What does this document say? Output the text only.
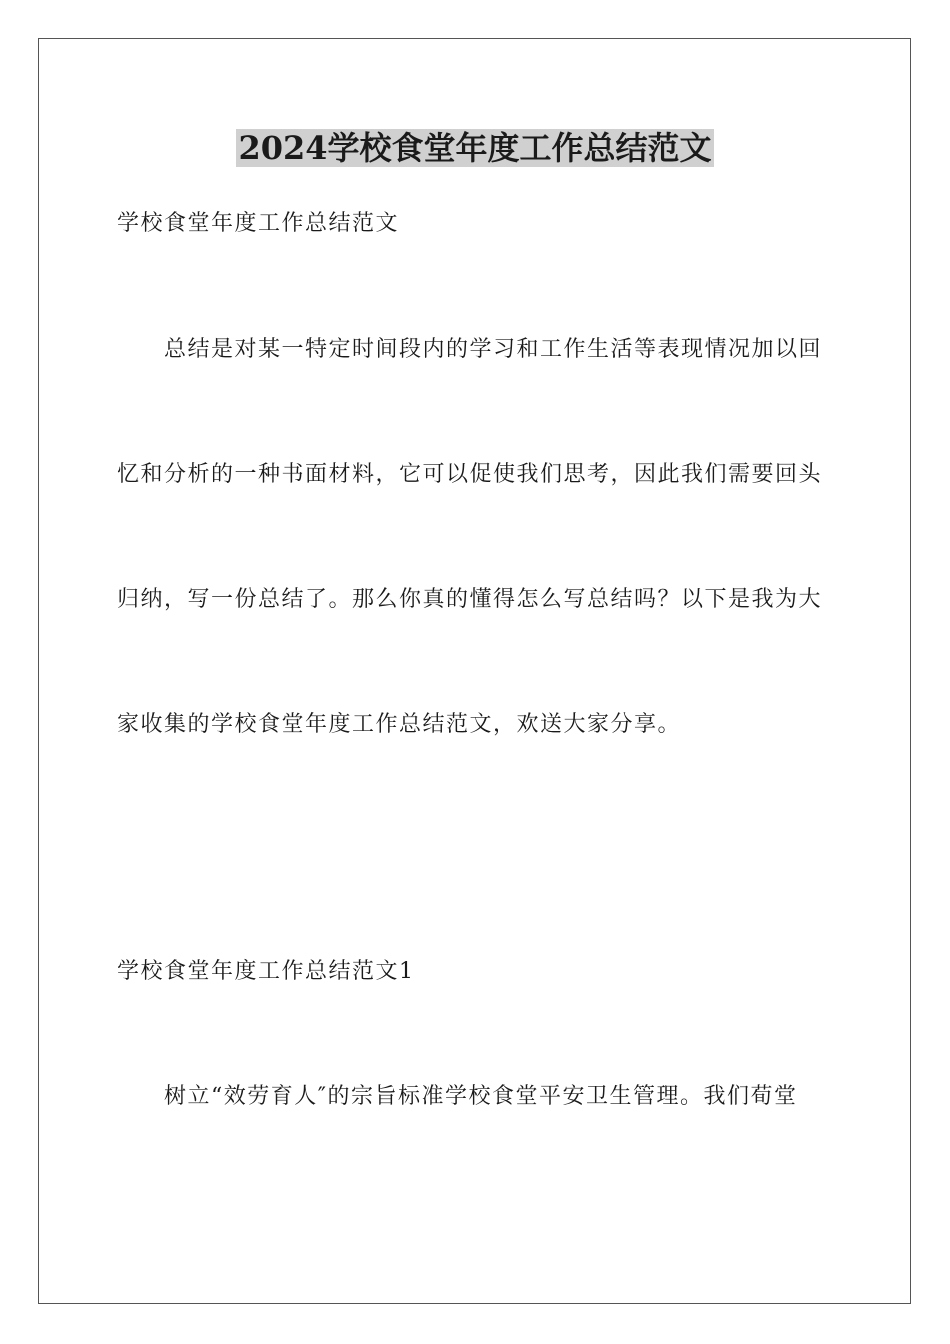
2024学校食堂年度工作总结范文
学校食堂年度工作总结范文
总结是对某一特定时间段内的学习和工作生活等表现情况加以回
忆和分析的一种书面材料，它可以促使我们思考，因此我们需要回头
归纳，写一份总结了。那么你真的懂得怎么写总结吗？以下是我为大
家收集的学校食堂年度工作总结范文，欢送大家分享。
学校食堂年度工作总结范文1
树立“效劳育人″的宗旨标准学校食堂平安卫生管理。我们荀堂
